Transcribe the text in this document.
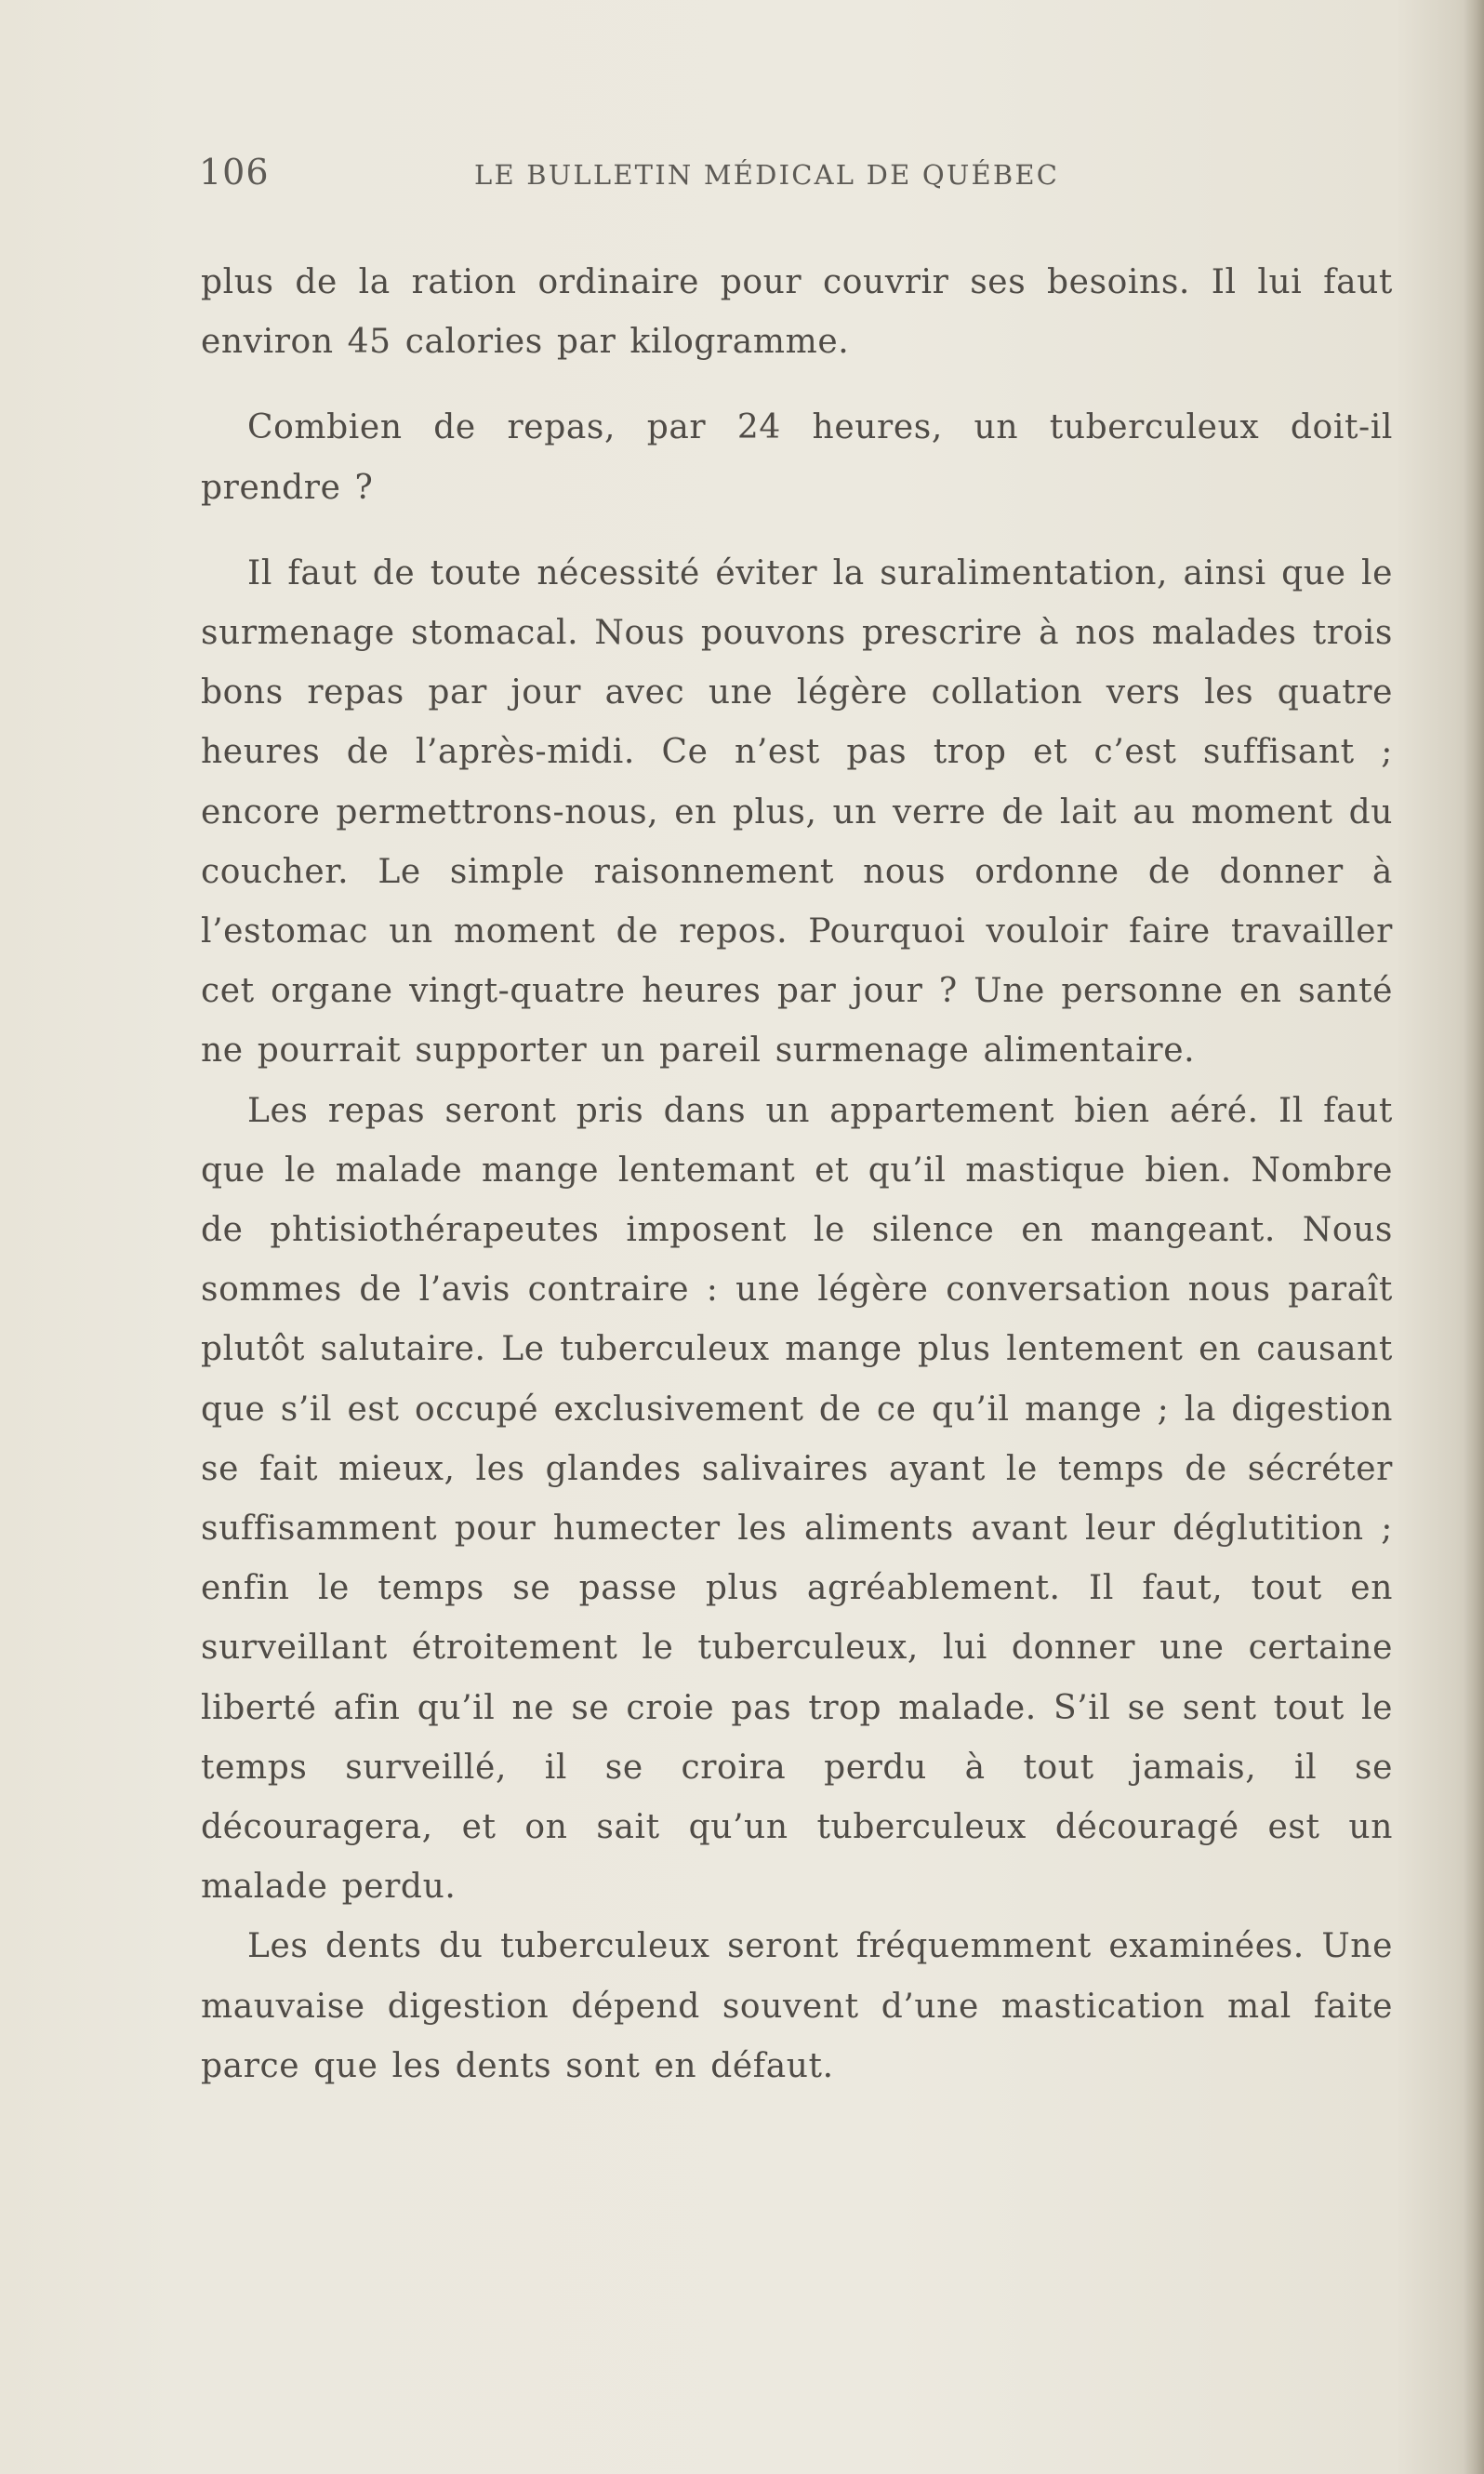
106	LE BULLETIN MÉDICAL DE QUÉBEC

plus de la ration ordinaire pour couvrir ses besoins. Il lui faut environ 45 calories par kilogramme.

Combien de repas, par 24 heures, un tuberculeux doit-il prendre ?

Il faut de toute nécessité éviter la suralimentation, ainsi que le surmenage stomacal. Nous pouvons prescrire à nos malades trois bons repas par jour avec une légère collation vers les quatre heures de l’après-midi. Ce n’est pas trop et c’est suffisant ; encore permettrons-nous, en plus, un verre de lait au moment du coucher. Le simple raisonnement nous ordonne de donner à l’estomac un moment de repos. Pourquoi vouloir faire travailler cet organe vingt-quatre heures par jour ? Une personne en santé ne pourrait supporter un pareil surmenage alimentaire.

Les repas seront pris dans un appartement bien aéré. Il faut que le malade mange lentemant et qu’il mastique bien. Nombre de phtisiothérapeutes imposent le silence en mangeant. Nous sommes de l’avis contraire : une légère conversation nous paraît plutôt salutaire. Le tuberculeux mange plus lentement en causant que s’il est occupé exclusivement de ce qu’il mange ; la digestion se fait mieux, les glandes salivaires ayant le temps de sécréter suffisamment pour humecter les aliments avant leur déglutition ; enfin le temps se passe plus agréablement. Il faut, tout en surveillant étroitement le tuberculeux, lui donner une certaine liberté afin qu’il ne se croie pas trop malade. S’il se sent tout le temps surveillé, il se croira perdu à tout jamais, il se découragera, et on sait qu’un tuberculeux découragé est un malade perdu.

Les dents du tuberculeux seront fréquemment examinées. Une mauvaise digestion dépend souvent d’une mastication mal faite parce que les dents sont en défaut.
